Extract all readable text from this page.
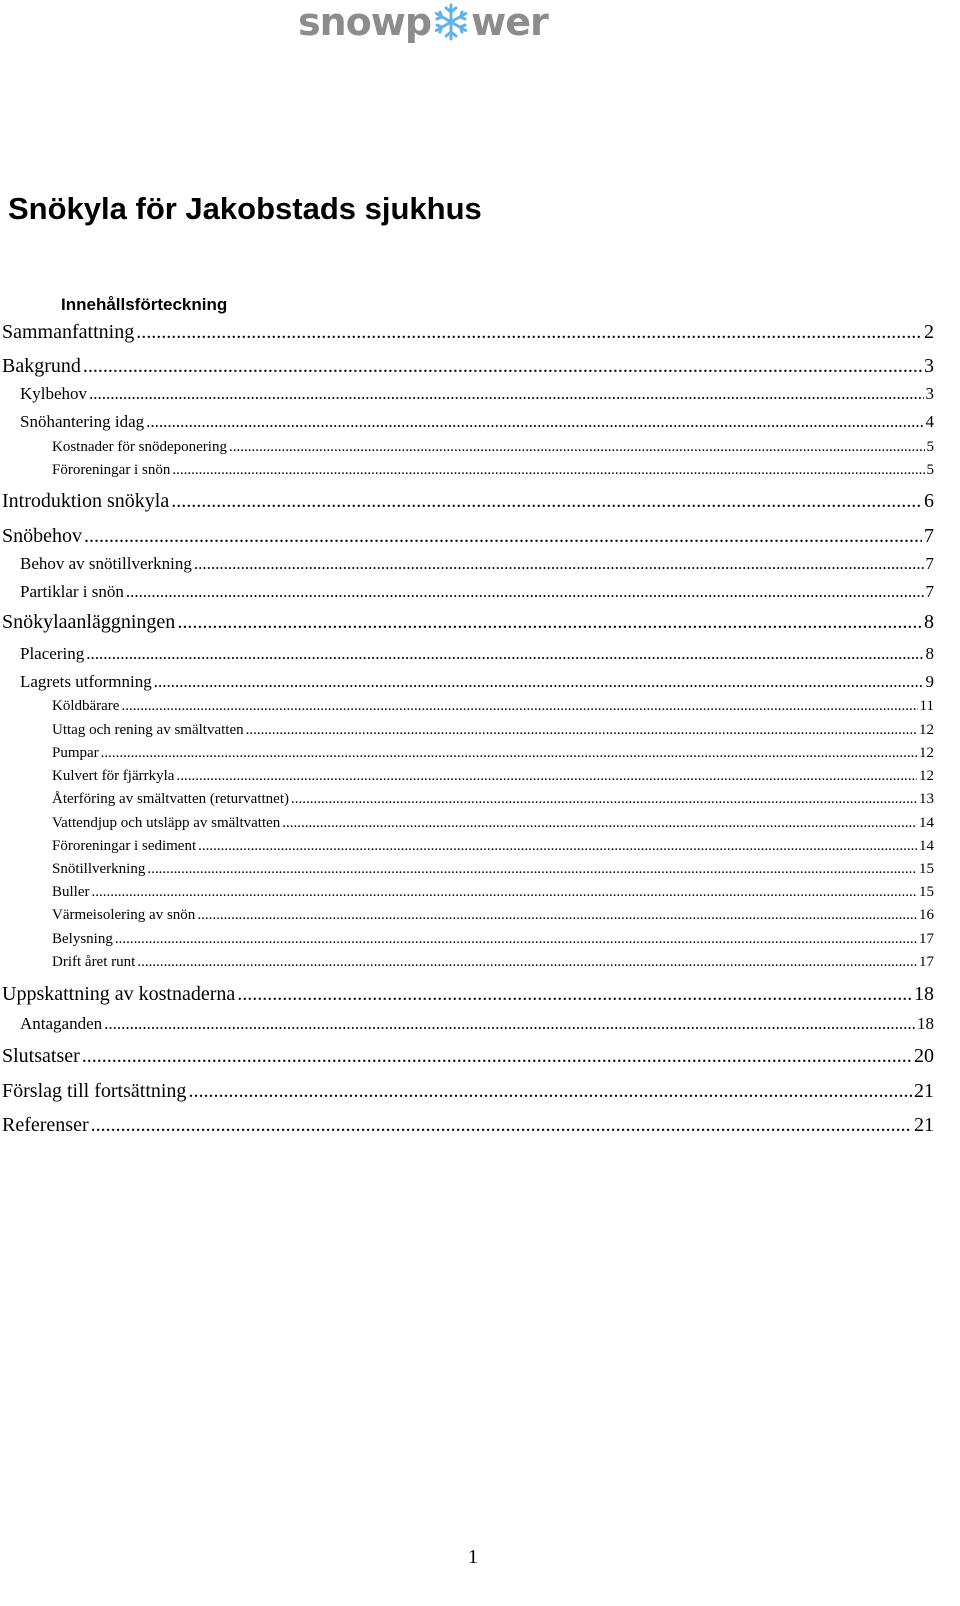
snowp wer
Snökyla för Jakobstads sjukhus
Innehållsförteckning
Sammanfattning .....	2
Bakgrund .....	3
Kylbehov .....	3
Snöhantering idag .....	4
Kostnader för snödeponering .....	5
Föroreningar i snön .....	5
Introduktion snökyla .....	6
Snöbehov .....	7
Behov av snötillverkning .....	7
Partiklar i snön .....	7
Snökylaanläggningen .....	8
Placering .....	8
Lagrets utformning .....	9
Köldbärare .....	11
Uttag och rening av smältvatten .....	12
Pumpar .....	12
Kulvert för fjärrkyla .....	12
Återföring av smältvatten (returvattnet) .....	13
Vattendjup och utsläpp av smältvatten .....	14
Föroreningar i sediment .....	14
Snötillverkning .....	15
Buller .....	15
Värmeisolering av snön .....	16
Belysning .....	17
Drift året runt .....	17
Uppskattning av kostnaderna .....	18
Antaganden .....	18
Slutsatser .....	20
Förslag till fortsättning .....	21
Referenser .....	21
1
